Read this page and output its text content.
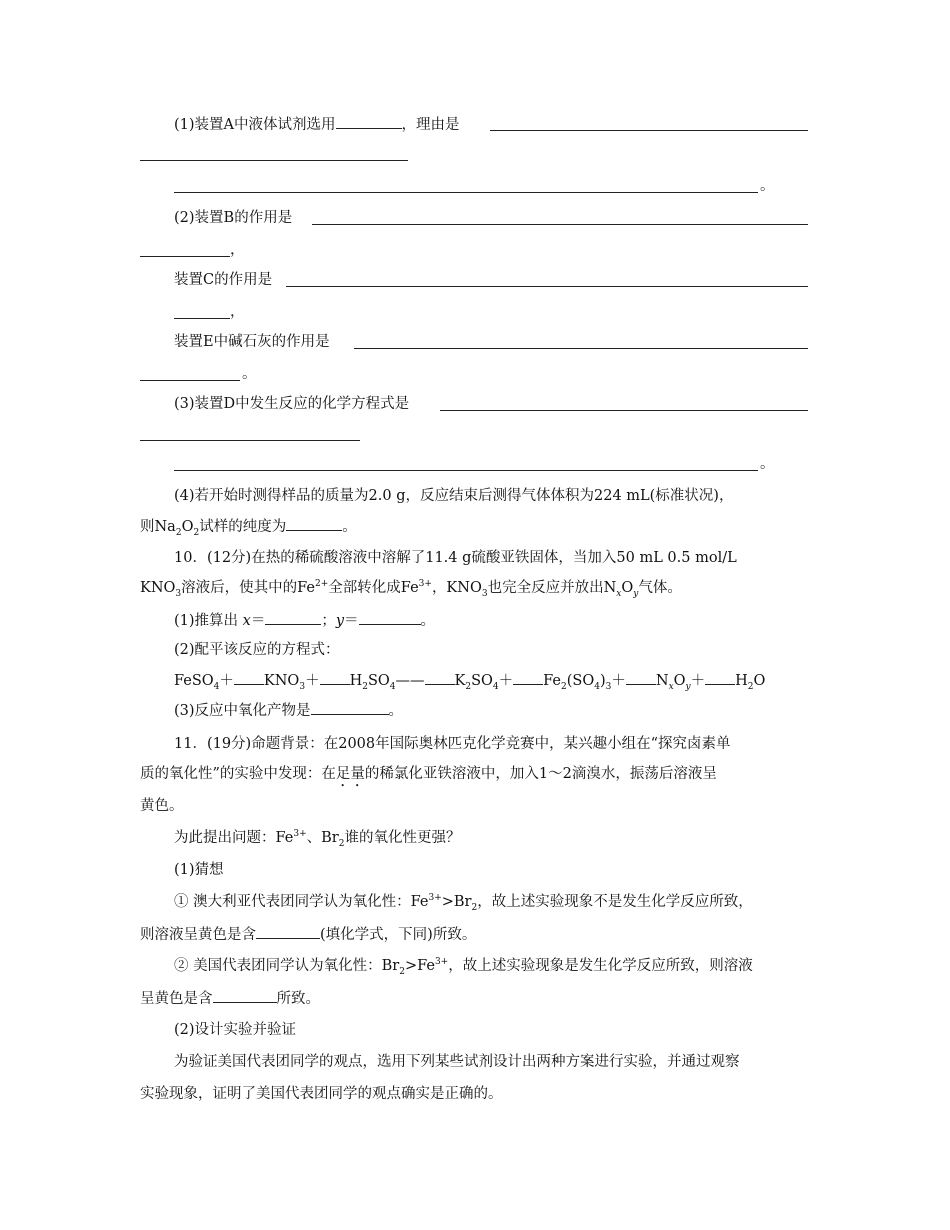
(1)装置A中液体试剂选用	，理由是
。
(2)装置B的作用是
，
装置C的作用是
，
装置E中碱石灰的作用是
。
(3)装置D中发生反应的化学方程式是
。
(4)若开始时测得样品的质量为2.0 g，反应结束后测得气体体积为224 mL(标准状况)，
则$Na_2O_2$试样的纯度为	。
10．(12分)在热的稀硫酸溶液中溶解了11.4 g硫酸亚铁固体，当加入50 mL 0.5 mol/L
$KNO_3$溶液后，使其中的$Fe^{2+}$全部转化成$Fe^{3+}$，$KNO_3$也完全反应并放出$N_xO_y$气体。
(1)推算出 x＝	；y＝	。
(2)配平该反应的方程式：
FeSO$_4$＋ $KNO_3+$ $H_2SO_4——$ $K_2SO_4+ Fe_2(SO_4)_3+ N_xO_y+ H_2O$
(3)反应中氧化产物是	。
11．(19分)命题背景：在2008年国际奥林匹克化学竞赛中，某兴趣小组在“探究卤素单
质的氧化性”的实验中发现：在足量的稀氯化亚铁溶液中，加入1～2滴溴水，振荡后溶液呈
黄色。
为此提出问题：$Fe^{3+}$、$Br_2$谁的氧化性更强？
(1)猜想
① 澳大利亚代表团同学认为氧化性：$Fe^{3+}>Br_2$，故上述实验现象不是发生化学反应所致，
则溶液呈黄色是含	(填化学式，下同)所致。
② 美国代表团同学认为氧化性：$Br_2>Fe^{3+}$，故上述实验现象是发生化学反应所致，则溶液
呈黄色是含	所致。
(2)设计实验并验证
为验证美国代表团同学的观点，选用下列某些试剂设计出两种方案进行实验，并通过观察
实验现象，证明了美国代表团同学的观点确实是正确的。
